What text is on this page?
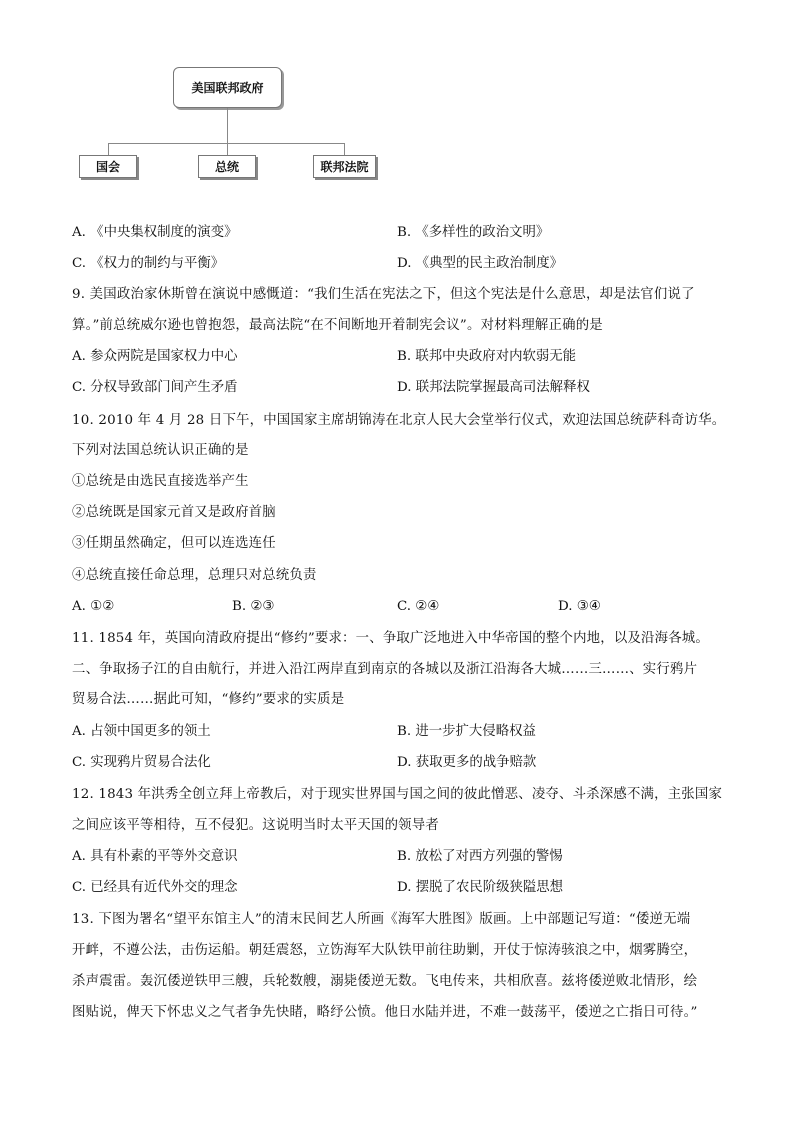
美国联邦政府
国会	总统	联邦法院
A. 《中央集权制度的演变》	B. 《多样性的政治文明》
C. 《权力的制约与平衡》	D. 《典型的民主政治制度》
9. 美国政治家休斯曾在演说中感慨道：“我们生活在宪法之下，但这个宪法是什么意思，却是法官们说了
算。”前总统威尔逊也曾抱怨，最高法院“在不间断地开着制宪会议”。对材料理解正确的是
A. 参众两院是国家权力中心	B. 联邦中央政府对内软弱无能
C. 分权导致部门间产生矛盾	D. 联邦法院掌握最高司法解释权
10. 2010 年 4 月 28 日下午，中国国家主席胡锦涛在北京人民大会堂举行仪式，欢迎法国总统萨科奇访华。
下列对法国总统认识正确的是
①总统是由选民直接选举产生
②总统既是国家元首又是政府首脑
③任期虽然确定，但可以连选连任
④总统直接任命总理，总理只对总统负责
A. ①②	B. ②③	C. ②④	D. ③④
11. 1854 年，英国向清政府提出“修约”要求：一、争取广泛地进入中华帝国的整个内地，以及沿海各城。
二、争取扬子江的自由航行，并进入沿江两岸直到南京的各城以及浙江沿海各大城……三……、实行鸦片
贸易合法……据此可知，“修约”要求的实质是
A. 占领中国更多的领土	B. 进一步扩大侵略权益
C. 实现鸦片贸易合法化	D. 获取更多的战争赔款
12. 1843 年洪秀全创立拜上帝教后，对于现实世界国与国之间的彼此憎恶、凌夺、斗杀深感不满，主张国家
之间应该平等相待，互不侵犯。这说明当时太平天国的领导者
A. 具有朴素的平等外交意识	B. 放松了对西方列强的警惕
C. 已经具有近代外交的理念	D. 摆脱了农民阶级狭隘思想
13. 下图为署名“望平东馆主人”的清末民间艺人所画《海军大胜图》版画。上中部题记写道：“倭逆无端
开衅，不遵公法，击伤运船。朝廷震怒，立饬海军大队铁甲前往助剿，开仗于惊涛骇浪之中，烟雾腾空，
杀声震雷。轰沉倭逆铁甲三艘，兵轮数艘，溺毙倭逆无数。飞电传来，共相欣喜。兹将倭逆败北情形，绘
图贴说，俾天下怀忠义之气者争先快睹，略纾公愤。他日水陆并进，不难一鼓荡平，倭逆之亡指日可待。”
